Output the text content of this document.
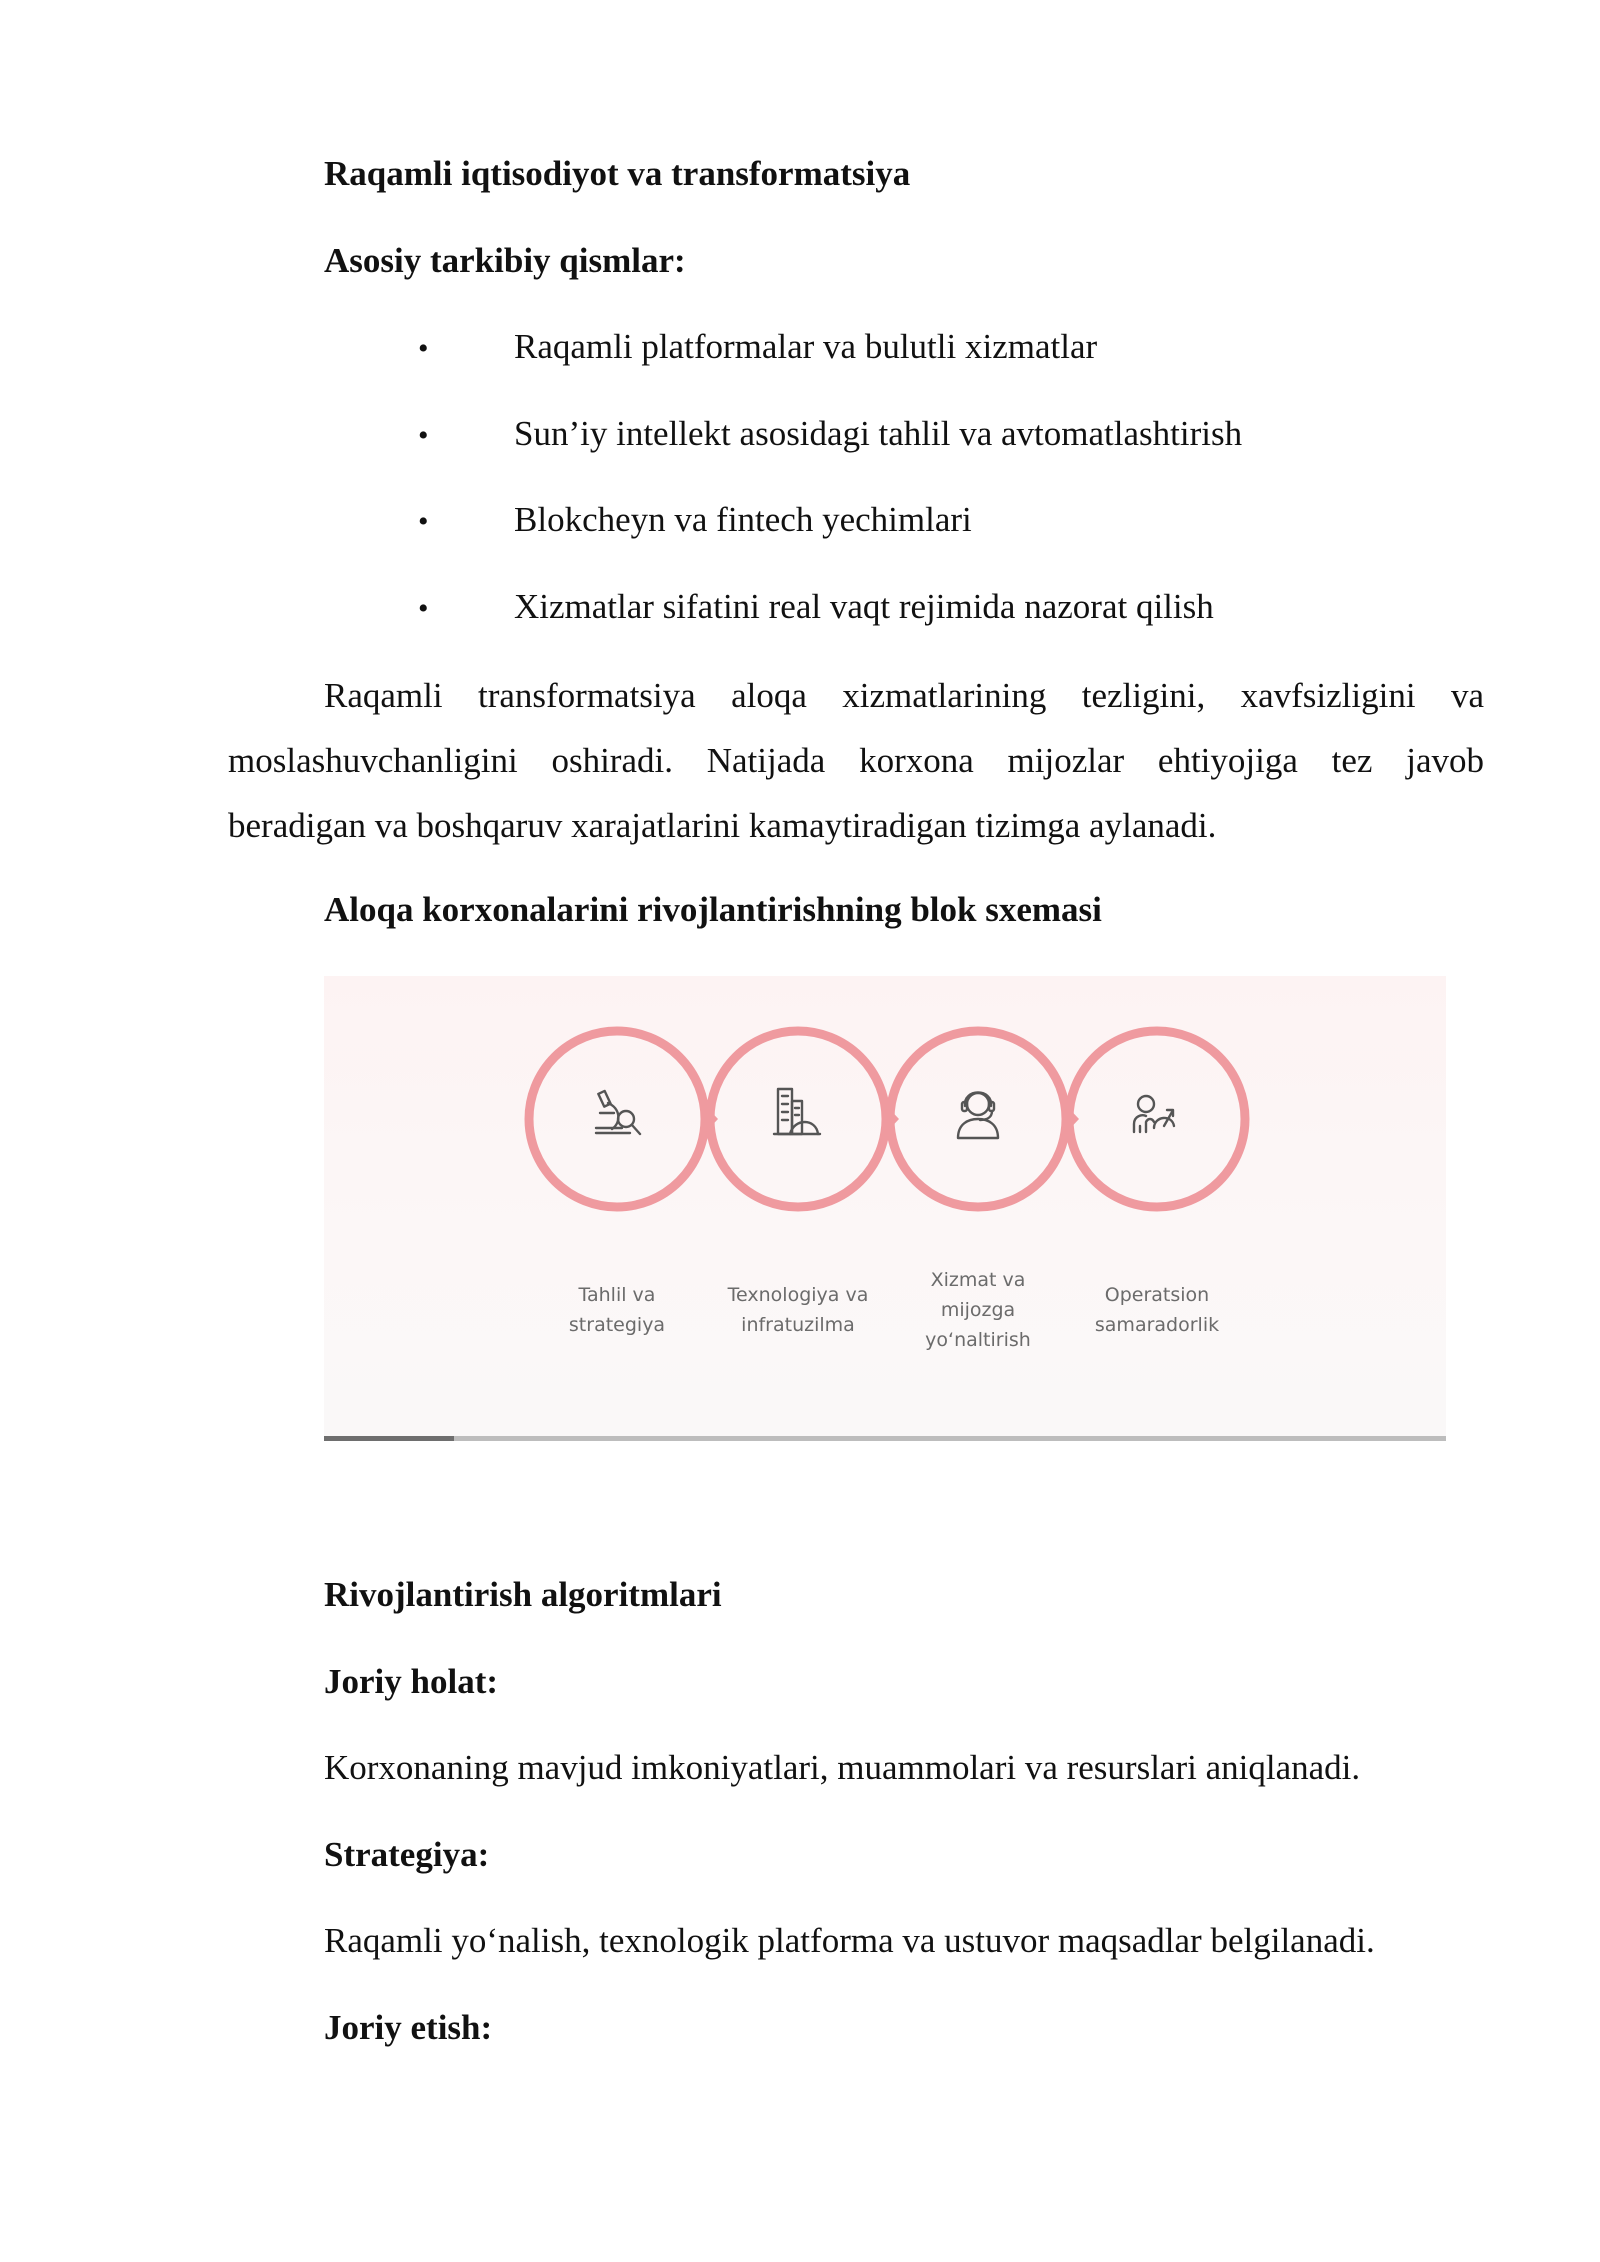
Raqamli iqtisodiyot va transformatsiya
Asosiy tarkibiy qismlar:
• Raqamli platformalar va bulutli xizmatlar
• Sun’iy intellekt asosidagi tahlil va avtomatlashtirish
• Blokcheyn va fintech yechimlari
• Xizmatlar sifatini real vaqt rejimida nazorat qilish
Raqamli transformatsiya aloqa xizmatlarining tezligini, xavfsizligini va
moslashuvchanligini oshiradi. Natijada korxona mijozlar ehtiyojiga tez javob
beradigan va boshqaruv xarajatlarini kamaytiradigan tizimga aylanadi.
Aloqa korxonalarini rivojlantirishning blok sxemasi
Tahlil va
strategiya
Texnologiya va
infratuzilma
Xizmat va
mijozga
yo‘naltirish
Operatsion
samaradorlik
Rivojlantirish algoritmlari
Joriy holat:
Korxonaning mavjud imkoniyatlari, muammolari va resurslari aniqlanadi.
Strategiya:
Raqamli yo‘nalish, texnologik platforma va ustuvor maqsadlar belgilanadi.
Joriy etish:
